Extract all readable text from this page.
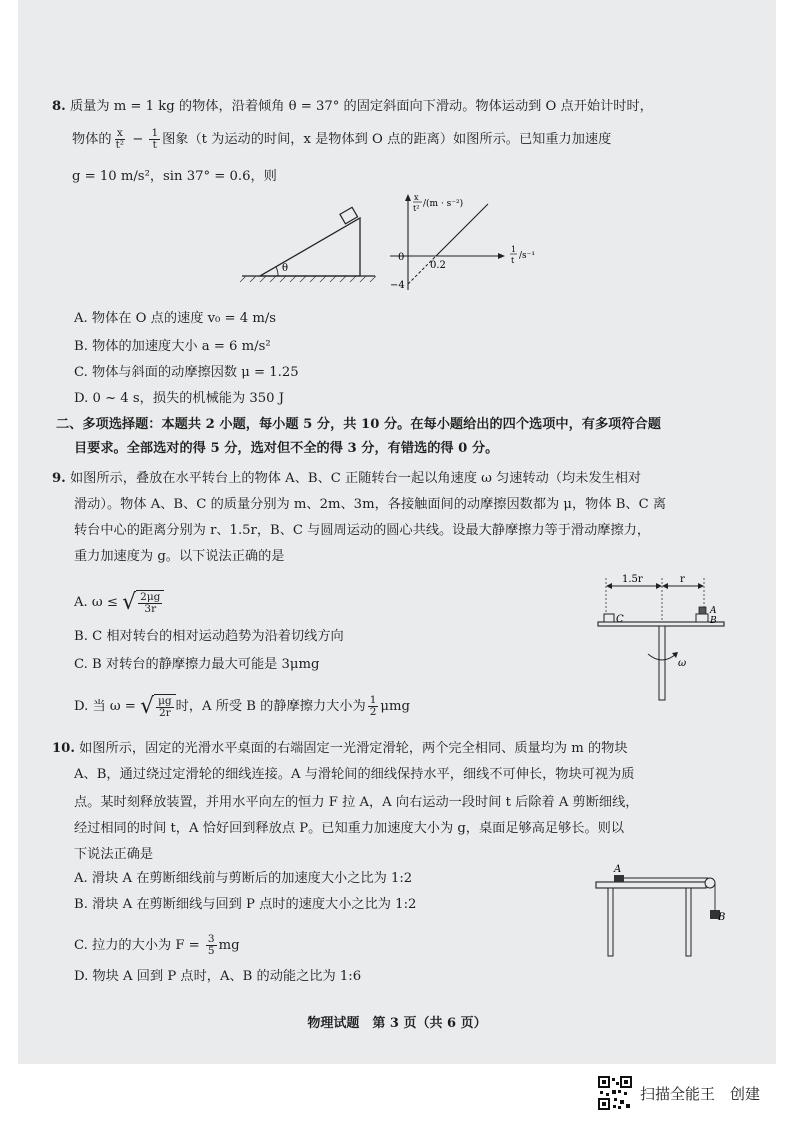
8. 质量为 m = 1 kg 的物体，沿着倾角 θ = 37° 的固定斜面向下滑动。物体运动到 O 点开始计时时，
物体的 $\frac{x}{\text{t²}} - \frac{1}{t}$ 图象（t 为运动的时间，x 是物体到 O 点的距离）如图所示。已知重力加速度
g = 10 m/s²，sin 37° = 0.6，则
θ
0
0.2
−4
x
t² /(m · s⁻²)
1
t /s⁻¹
A. 物体在 O 点的速度 v₀ = 4 m/s
B. 物体的加速度大小 a = 6 m/s²
C. 物体与斜面的动摩擦因数 μ = 1.25
D. 0 ~ 4 s，损失的机械能为 350 J
二、多项选择题：本题共 2 小题，每小题 5 分，共 10 分。在每小题给出的四个选项中，有多项符合题
目要求。全部选对的得 5 分，选对但不全的得 3 分，有错选的得 0 分。
9. 如图所示，叠放在水平转台上的物体 A、B、C 正随转台一起以角速度 ω 匀速转动（均未发生相对
滑动）。物体 A、B、C 的质量分别为 m、2m、3m，各接触面间的动摩擦因数都为 μ，物体 B、C 离
转台中心的距离分别为 r、1.5r，B、C 与圆周运动的圆心共线。设最大静摩擦力等于滑动摩擦力，
重力加速度为 g。以下说法正确的是
A. ω ≤ √ $\frac{2\mu g}{3r}$
B. C 相对转台的相对运动趋势为沿着切线方向
C. B 对转台的静摩擦力最大可能是 3μmg
D. 当 ω = √ $\frac{\mu g}{2r}$ 时，A 所受 B 的静摩擦力大小为 $\frac{1}{2}$ μmg
1.5r	r
C
A
B
ω
10. 如图所示，固定的光滑水平桌面的右端固定一光滑定滑轮，两个完全相同、质量均为 m 的物块
A、B，通过绕过定滑轮的细线连接。A 与滑轮间的细线保持水平，细线不可伸长，物块可视为质
点。某时刻释放装置，并用水平向左的恒力 F 拉 A，A 向右运动一段时间 t 后除着 A 剪断细线，
经过相同的时间 t，A 恰好回到释放点 P。已知重力加速度大小为 g，桌面足够高足够长。则以
下说法正确是
A. 滑块 A 在剪断细线前与剪断后的加速度大小之比为 1:2
B. 滑块 A 在剪断细线与回到 P 点时的速度大小之比为 1:2
C. 拉力的大小为 $F = \frac{3}{5}$ mg
D. 物块 A 回到 P 点时，A、B 的动能之比为 1:6
A
B
物理试题　第 3 页（共 6 页）
扫描全能王　创建
